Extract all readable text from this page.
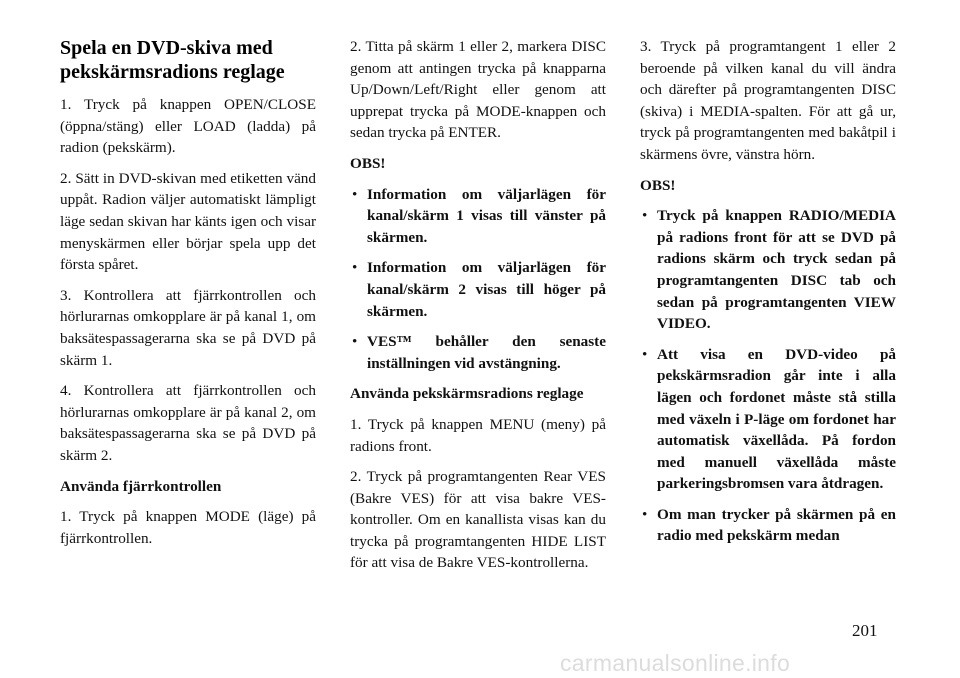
Spela en DVD-skiva med pekskärmsradions reglage

1. Tryck på knappen OPEN/CLOSE (öppna/stäng) eller LOAD (ladda) på radion (pekskärm).

2. Sätt in DVD-skivan med etiketten vänd uppåt. Radion väljer automatiskt lämpligt läge sedan skivan har känts igen och visar menyskärmen eller börjar spela upp det första spåret.

3. Kontrollera att fjärrkontrollen och hörlurarnas omkopplare är på kanal 1, om baksätespassagerarna ska se på DVD på skärm 1.

4. Kontrollera att fjärrkontrollen och hörlurarnas omkopplare är på kanal 2, om baksätespassagerarna ska se på DVD på skärm 2.

Använda fjärrkontrollen

1. Tryck på knappen MODE (läge) på fjärrkontrollen.

2. Titta på skärm 1 eller 2, markera DISC genom att antingen trycka på knapparna Up/Down/Left/Right eller genom att upprepat trycka på MODE-knappen och sedan trycka på ENTER.

OBS!
• Information om väljarlägen för kanal/skärm 1 visas till vänster på skärmen.
• Information om väljarlägen för kanal/skärm 2 visas till höger på skärmen.
• VES™ behåller den senaste inställningen vid avstängning.
Använda pekskärmsradions reglage

1. Tryck på knappen MENU (meny) på radions front.

2. Tryck på programtangenten Rear VES (Bakre VES) för att visa bakre VES-kontroller. Om en kanallista visas kan du trycka på programtangenten HIDE LIST för att visa de Bakre VES-kontrollerna.

3. Tryck på programtangent 1 eller 2 beroende på vilken kanal du vill ändra och därefter på programtangenten DISC (skiva) i MEDIA-spalten. För att gå ur, tryck på programtangenten med bakåtpil i skärmens övre, vänstra hörn.

OBS!
• Tryck på knappen RADIO/MEDIA på radions front för att se DVD på radions skärm och tryck sedan på programtangenten DISC tab och sedan på programtangenten VIEW VIDEO.
• Att visa en DVD-video på pekskärmsradion går inte i alla lägen och fordonet måste stå stilla med växeln i P-läge om fordonet har automatisk växellåda. På fordon med manuell växellåda måste parkeringsbromsen vara åtdragen.
• Om man trycker på skärmen på en radio med pekskärm medan
201
carmanualsonline.info
